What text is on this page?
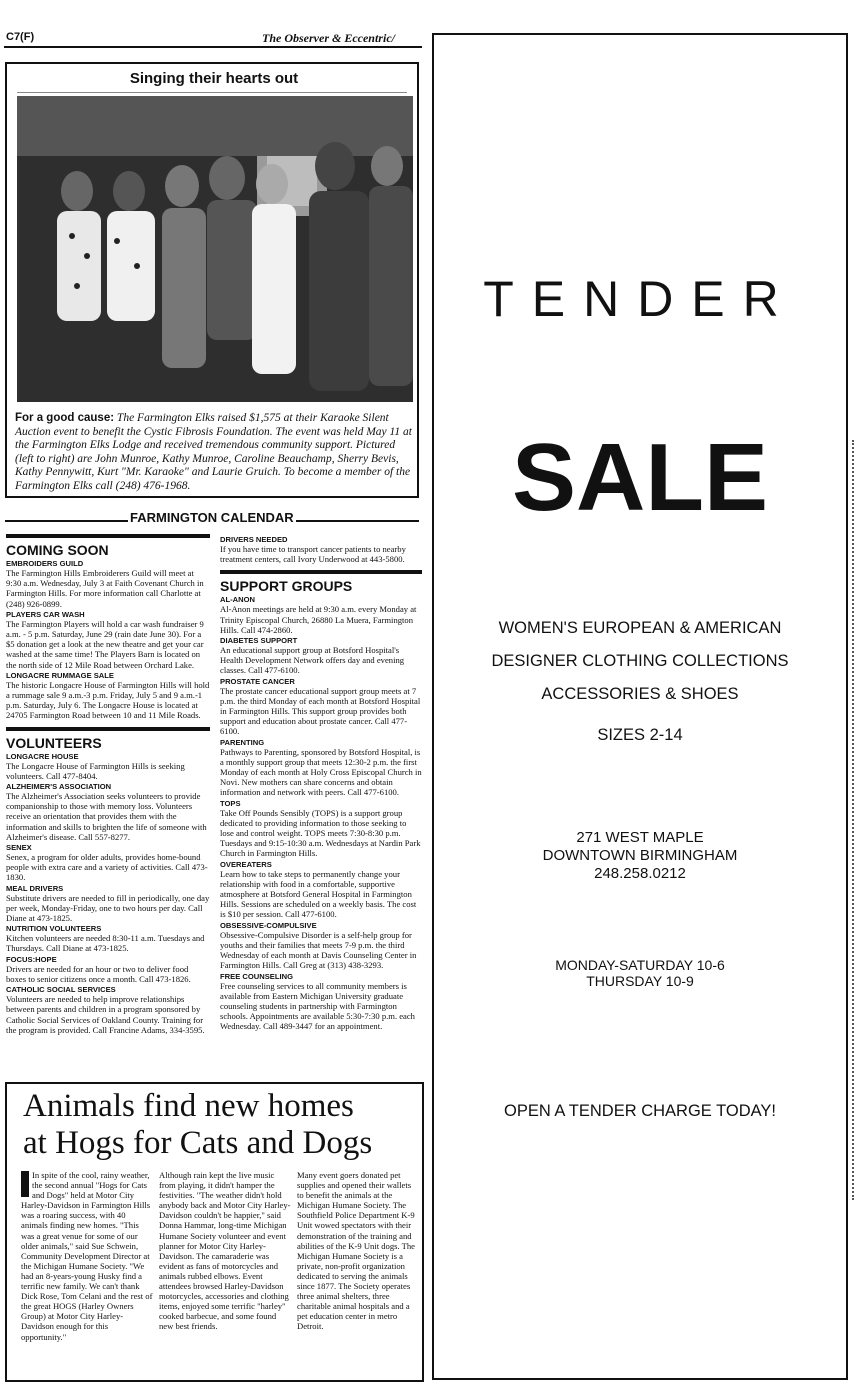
C7(F)	The Observer & Eccentric/
Singing their hearts out
For a good cause: The Farmington Elks raised $1,575 at their Karaoke Silent Auction event to benefit the Cystic Fibrosis Foundation. The event was held May 11 at the Farmington Elks Lodge and received tremendous community support. Pictured (left to right) are John Munroe, Kathy Munroe, Caroline Beauchamp, Sherry Bevis, Kathy Pennywitt, Kurt "Mr. Karaoke" and Laurie Gruich. To become a member of the Farmington Elks call (248) 476-1968.
FARMINGTON CALENDAR
COMING SOON
EMBROIDERS GUILD

The Farmington Hills Embroiderers Guild will meet at 9:30 a.m. Wednesday, July 3 at Faith Covenant Church in Farmington Hills. For more information call Charlotte at (248) 926-0899.

PLAYERS CAR WASH

The Farmington Players will hold a car wash fundraiser 9 a.m. - 5 p.m. Saturday, June 29 (rain date June 30). For a $5 donation get a look at the new theatre and get your car washed at the same time! The Players Barn is located on the north side of 12 Mile Road between Orchard Lake.

LONGACRE RUMMAGE SALE

The historic Longacre House of Farmington Hills will hold a rummage sale 9 a.m.-3 p.m. Friday, July 5 and 9 a.m.-1 p.m. Saturday, July 6. The Longacre House is located at 24705 Farmington Road between 10 and 11 Mile Roads.

VOLUNTEERS
LONGACRE HOUSE

The Longacre House of Farmington Hills is seeking volunteers. Call 477-8404.

ALZHEIMER'S ASSOCIATION

The Alzheimer's Association seeks volunteers to provide companionship to those with memory loss. Volunteers receive an orientation that provides them with the information and skills to brighten the life of someone with Alzheimer's disease. Call 557-8277.

SENEX

Senex, a program for older adults, provides home-bound people with extra care and a variety of activities. Call 473-1830.

MEAL DRIVERS

Substitute drivers are needed to fill in periodically, one day per week, Monday-Friday, one to two hours per day. Call Diane at 473-1825.

NUTRITION VOLUNTEERS

Kitchen volunteers are needed 8:30-11 a.m. Tuesdays and Thursdays. Call Diane at 473-1825.

FOCUS:HOPE

Drivers are needed for an hour or two to deliver food boxes to senior citizens once a month. Call 473-1826.

CATHOLIC SOCIAL SERVICES

Volunteers are needed to help improve relationships between parents and children in a program sponsored by Catholic Social Services of Oakland County. Training for the program is provided. Call Francine Adams, 334-3595.

DRIVERS NEEDED

If you have time to transport cancer patients to nearby treatment centers, call Ivory Underwood at 443-5800.

SUPPORT GROUPS
AL-ANON

Al-Anon meetings are held at 9:30 a.m. every Monday at Trinity Episcopal Church, 26880 La Muera, Farmington Hills. Call 474-2860.

DIABETES SUPPORT

An educational support group at Botsford Hospital's Health Development Network offers day and evening classes. Call 477-6100.

PROSTATE CANCER

The prostate cancer educational support group meets at 7 p.m. the third Monday of each month at Botsford Hospital in Farmington Hills. This support group provides both support and education about prostate cancer. Call 477-6100.

PARENTING

Pathways to Parenting, sponsored by Botsford Hospital, is a monthly support group that meets 12:30-2 p.m. the first Monday of each month at Holy Cross Episcopal Church in Novi. New mothers can share concerns and obtain information and network with peers. Call 477-6100.

TOPS

Take Off Pounds Sensibly (TOPS) is a support group dedicated to providing information to those seeking to lose and control weight. TOPS meets 7:30-8:30 p.m. Tuesdays and 9:15-10:30 a.m. Wednesdays at Nardin Park Church in Farmington Hills.

OVEREATERS

Learn how to take steps to permanently change your relationship with food in a comfortable, supportive atmosphere at Botsford General Hospital in Farmington Hills. Sessions are scheduled on a weekly basis. The cost is $10 per session. Call 477-6100.

OBSESSIVE-COMPULSIVE

Obsessive-Compulsive Disorder is a self-help group for youths and their families that meets 7-9 p.m. the third Wednesday of each month at Davis Counseling Center in Farmington Hills. Call Greg at (313) 438-3293.

FREE COUNSELING

Free counseling services to all community members is available from Eastern Michigan University graduate counseling students in partnership with Farmington schools. Appointments are available 5:30-7:30 p.m. each Wednesday. Call 489-3447 for an appointment.

Animals find new homes
at Hogs for Cats and Dogs
In spite of the cool, rainy weather, the second annual "Hogs for Cats and Dogs" held at Motor City Harley-Davidson in Farmington Hills was a roaring success, with 40 animals finding new homes. "This was a great venue for some of our older animals," said Sue Schwein, Community Development Director at the Michigan Humane Society. "We had an 8-years-young Husky find a terrific new family. We can't thank Dick Rose, Tom Celani and the rest of the great HOGS (Harley Owners Group) at Motor City Harley-Davidson enough for this opportunity."
Although rain kept the live music from playing, it didn't hamper the festivities. "The weather didn't hold anybody back and Motor City Harley-Davidson couldn't be happier," said Donna Hammar, long-time Michigan Humane Society volunteer and event planner for Motor City Harley-Davidson. The camaraderie was evident as fans of motorcycles and animals rubbed elbows. Event attendees browsed Harley-Davidson motorcycles, accessories and clothing items, enjoyed some terrific "harley" cooked barbecue, and some found new best friends.
Many event goers donated pet supplies and opened their wallets to benefit the animals at the Michigan Humane Society. The Southfield Police Department K-9 Unit wowed spectators with their demonstration of the training and abilities of the K-9 Unit dogs. The Michigan Humane Society is a private, non-profit organization dedicated to serving the animals since 1877. The Society operates three animal shelters, three charitable animal hospitals and a pet education center in metro Detroit.
TENDER
SALE
WOMEN'S EUROPEAN & AMERICAN
DESIGNER CLOTHING COLLECTIONS
ACCESSORIES & SHOES
SIZES 2-14
271 WEST MAPLE
DOWNTOWN BIRMINGHAM
248.258.0212
MONDAY-SATURDAY 10-6
THURSDAY 10-9
OPEN A TENDER CHARGE TODAY!
